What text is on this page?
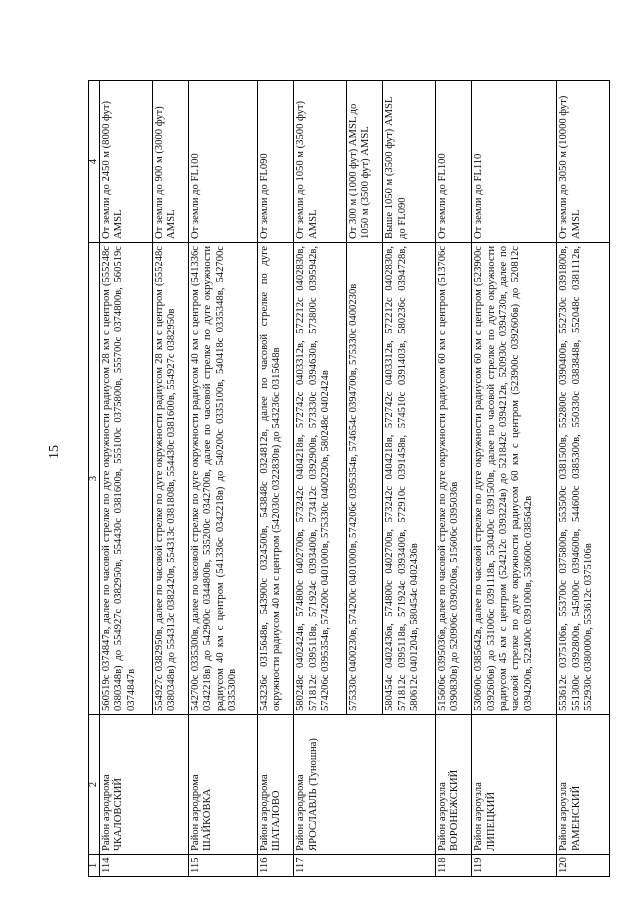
15
1	2	3	4
114	Район аэродрома ЧКАЛОВСКИЙ	560519с 0374847в, далее по часовой стрелке по дуге окружности радиусом 28 км с центром (555248с 0380348в) до 554927с 0382950в, 554430с 0381600в, 555100с 0375800в, 555700с 0374800в, 560519с 0374847в	От земли до 2450 м (8000 фут) AMSL
		554927с 0382950в, далее по часовой стрелке по дуге окружности радиусом 28 км с центром (555248с 0380348в) до 554313с 0382420в, 554313с 0381808в, 554430с 0381600в, 554927с 0382950в	От земли до 900 м (3000 фут) AMSL
115	Район аэродрома ШАЙКОВКА	542700с 0335300в, далее по часовой стрелке по дуге окружности радиусом 40 км с центром (541336с 0342218в) до 542900с 0344800в, 535200с 0342700в, далее по часовой стрелке по дуге окружности радиусом 40 км с центром (541336с 0342218в) до 540200с 0335100в, 540418с 0335348в, 542700с 0335300в	От земли до FL100
116	Район аэродрома ШАТАЛОВО	543236с 0315648в, 543900с 0324500в, 543848с 0324812в, далее по часовой стрелке по дуге окружности радиусом 40 км с центром (542030с 0322830в) до 543236с 0315648в	От земли до FL090
117	Район аэродрома ЯРОСЛАВЛЬ (Туношна)	580248с 0402424в, 574800с 0402700в, 573242с 0404218в, 572742с 0403312в, 572212с 0402830в, 571812с 0395118в, 571924с 0393400в, 573412с 0392900в, 573330с 0394630в, 573800с 0395942в, 574206с 0395354в, 574200с 0401000в, 575330с 0400230в, 580248с 0402424в	От земли до 1050 м (3500 фут) AMSL
		575330с 0400230в, 574200с 0401000в, 574206с 0395354в, 574654с 0394700в, 575330с 0400230в	От 300 м (1000 фут) AMSL до 1050 м (3500 фут) AMSL
		580454с 0402436в, 574800с 0402700в, 573242с 0404218в, 572742с 0403312в, 572212с 0402830в, 571812с 0395118в, 571924с 0393400в, 572910с 0391458в, 574510с 0391403в, 580236с 0394728в, 580612с 0401204в, 580454с 0402436в	Выше 1050 м (3500 фут) AMSL до FL090
118	Район аэроузла ВОРОНЕЖСКИЙ	515606с 0395036в, далее по часовой стрелке по дуге окружности радиусом 60 км с центром (513706с 0390830в) до 520906с 0390206в, 515606с 0395036в	От земли до FL100
119	Район аэроузла ЛИПЕЦКИЙ	530600с 0385642в, далее по часовой стрелке по дуге окружности радиусом 60 км с центром (523900с 0392606в) до 531006с 0391118в, 530400с 0391500в, далее по часовой стрелке по дуге окружности радиусом 45 км с центром (524212с 0393224в) до 521842с 0394212в, 520930с 0394730в, далее по часовой стрелке по дуге окружности радиусом 60 км с центром (523900с 0392606в) до 520812с 0394200в, 522400с 0391000в, 530600с 0385642в	От земли до FL110
120	Район аэроузла РАМЕНСКИЙ	553612с 0375106в, 553700с 0375800в, 553500с 0381500в, 552800с 0390400в, 552730с 0391800в, 551300с 0392800в, 545000с 0394600в, 544600с 0385300в, 550330с 0383848в, 552048с 0381112в, 552930с 0380000в, 553612с 0375106в	От земли до 3050 м (10000 фут) AMSL
